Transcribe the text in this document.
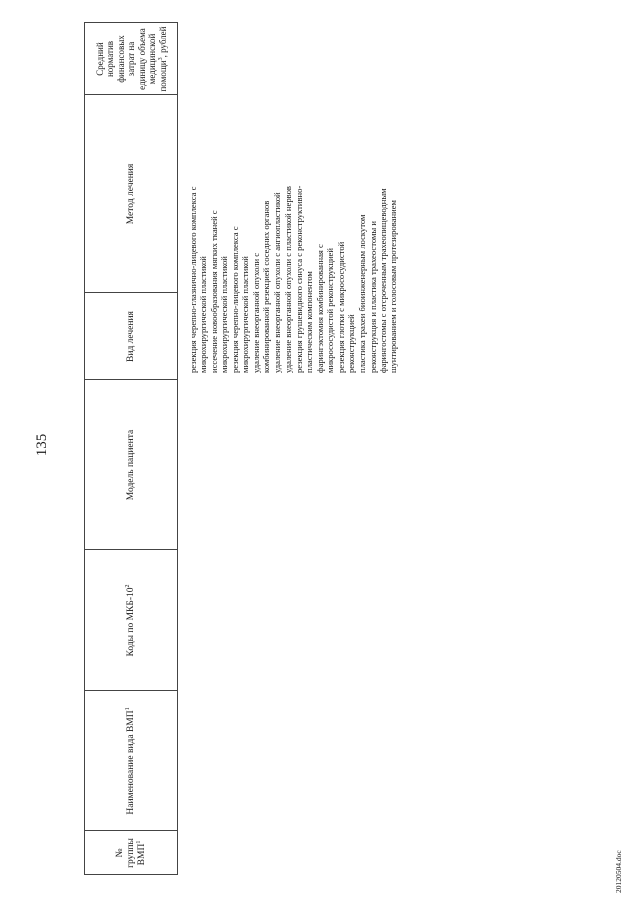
135
№ группы ВМП$^1$
Наименование вида ВМП$^1$
Коды по МКБ-$10^2$
Модель пациента
Вид лечения
Метод лечения
Средний норматив финансовых затрат на единицу объема медицинской помощи$^3$, рублей
резекция черепно-глазнично-лицевого комплекса с микрохирургической пластикой иссечение новообразования мягких тканей с микрохирургической пластикой резекция черепно-лицевого комплекса с микрохирургической пластикой удаление внеорганной опухоли с комбинированной резекцией соседних органов удаление внеорганной опухоли с ангиопластикой удаление внеорганной опухоли с пластикой нервов резекция грушевидного синуса с реконструктивно-пластическим компонентом фарингэктомия комбинированная с микрососудистой реконструкцией резекция глотки с микрососудистой реконструкцией пластика трахеи биоинженерным лоскутом реконструкция и пластика трахеостомы и фарингостомы с отсроченным трахеопищеводным шунтированием и голосовым протезированием
20120504.doc
